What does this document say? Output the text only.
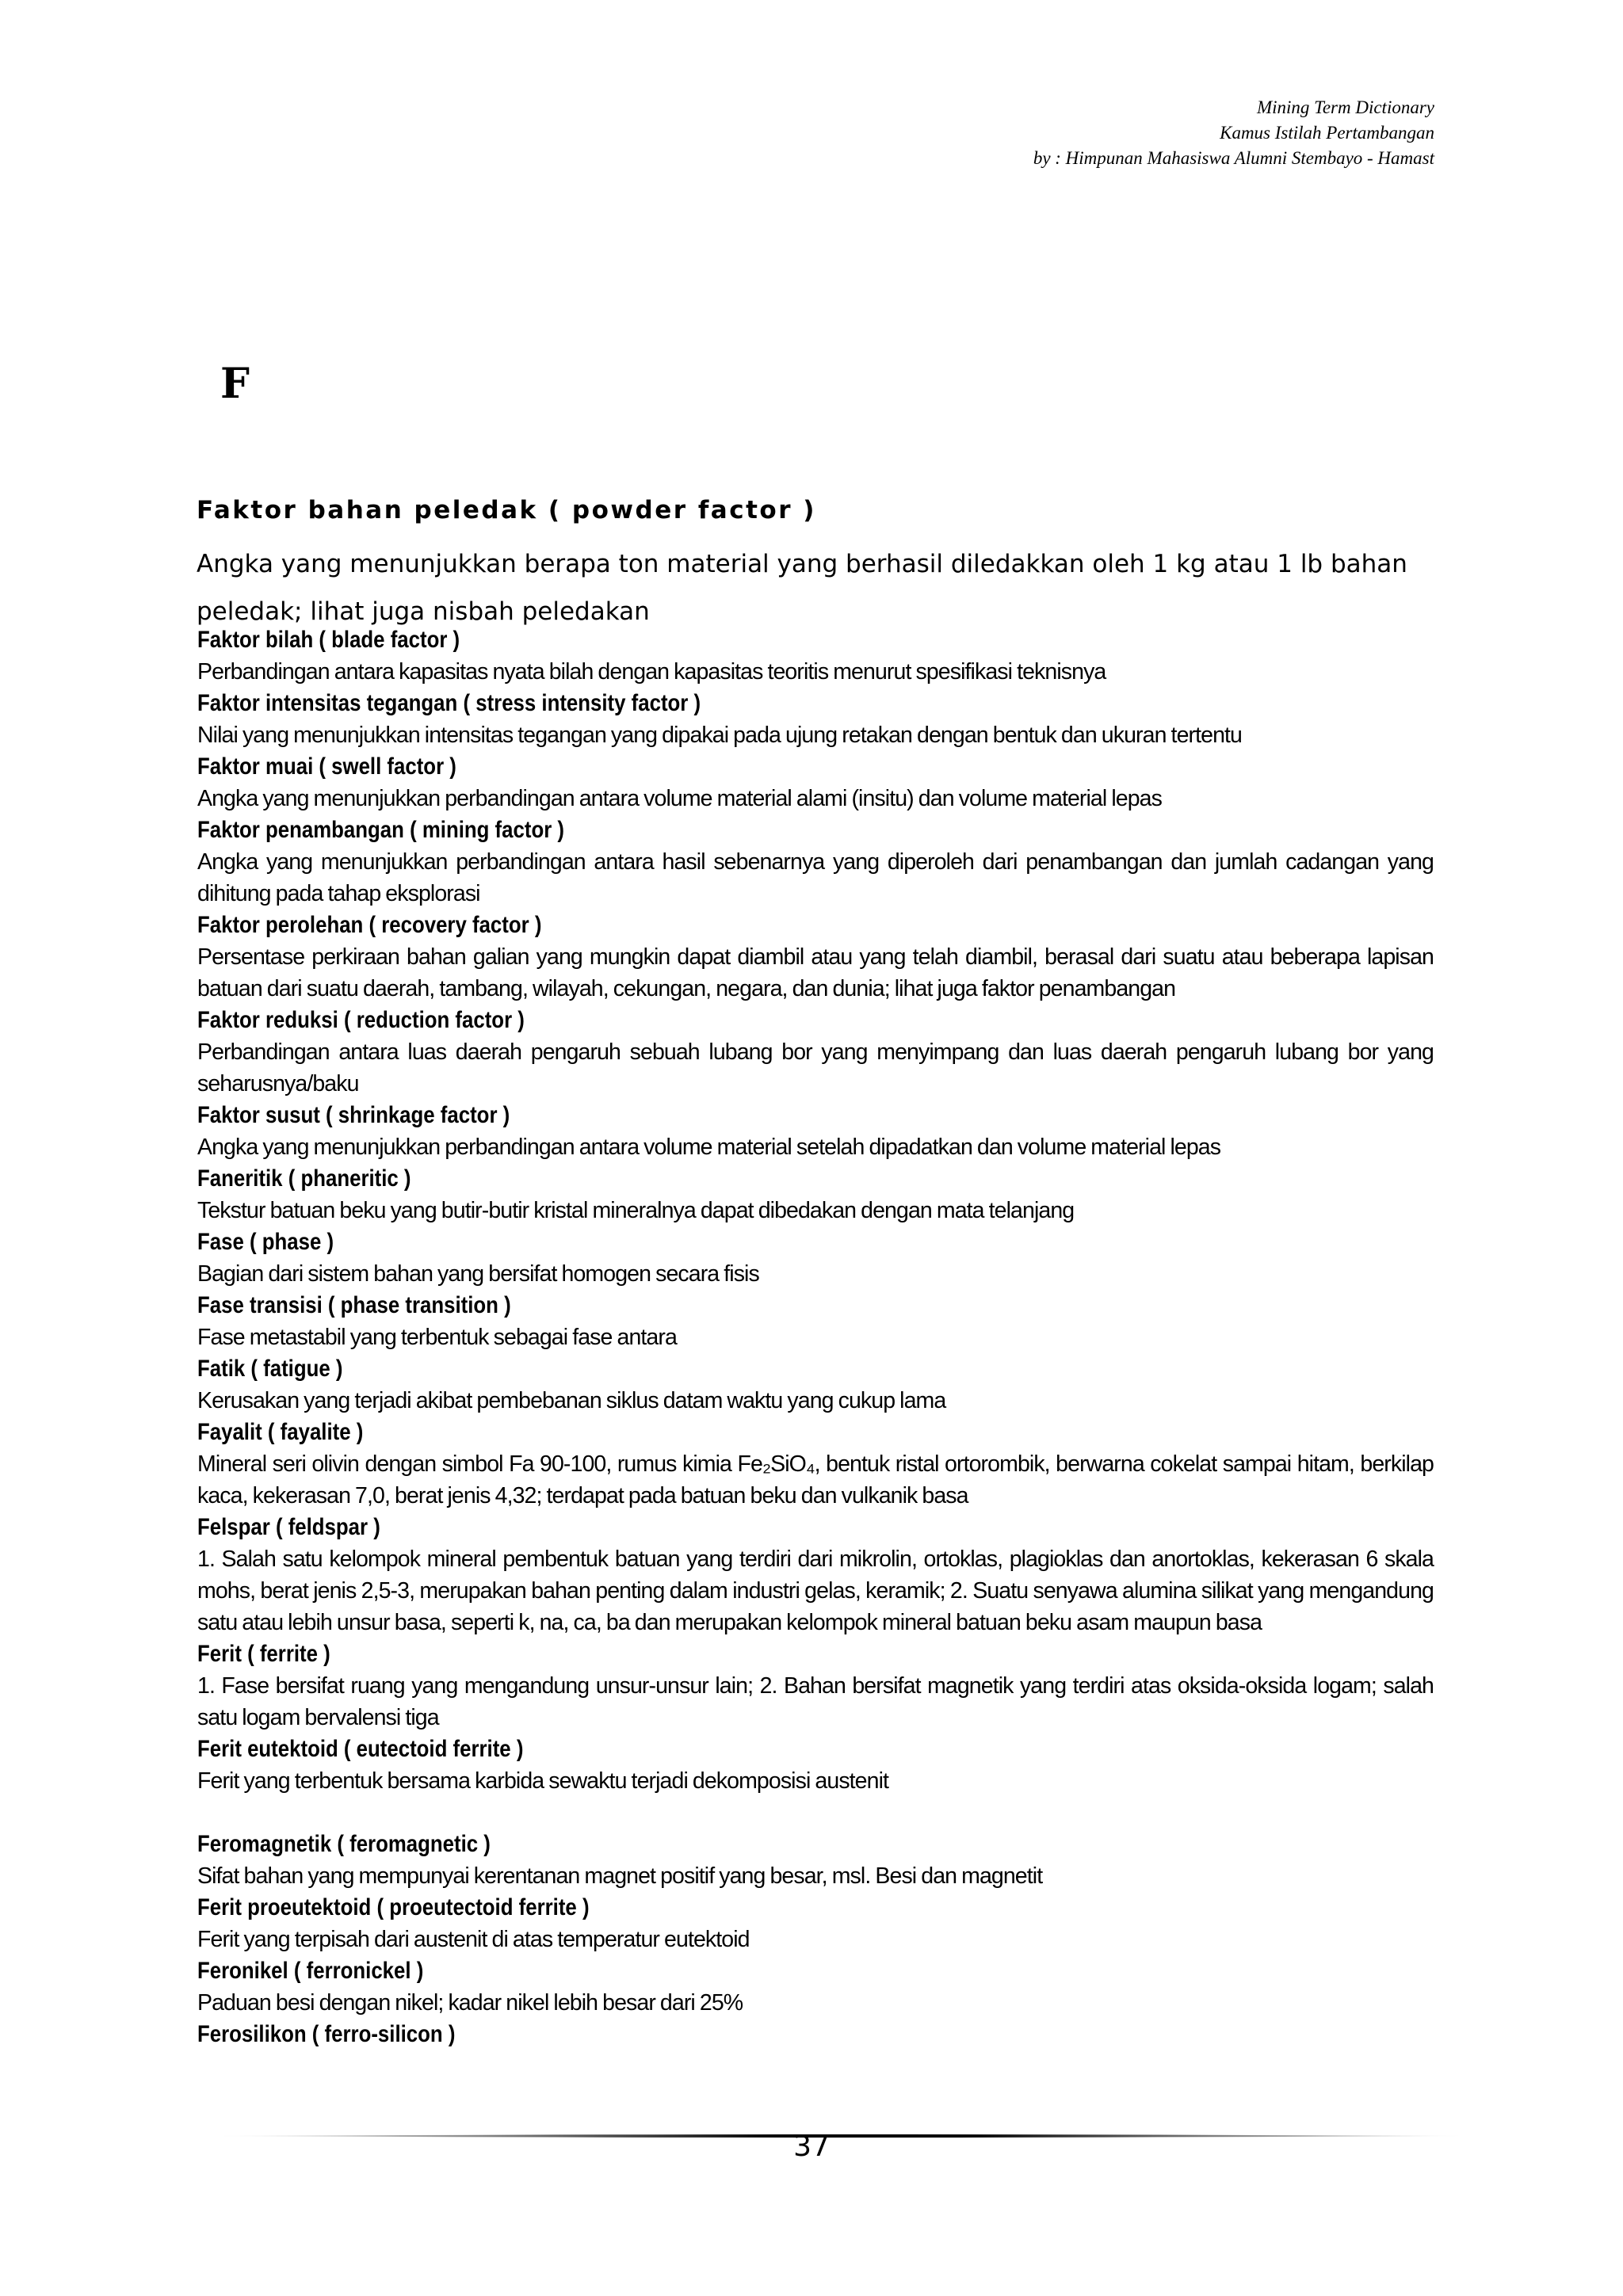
Mining Term Dictionary
Kamus Istilah Pertambangan
by : Himpunan Mahasiswa Alumni Stembayo - Hamast
F
Faktor bahan peledak ( powder factor )
Angka yang menunjukkan berapa ton material yang berhasil diledakkan oleh 1 kg atau 1 lb bahan peledak; lihat juga nisbah peledakan
Faktor bilah ( blade factor )
Perbandingan antara kapasitas nyata bilah dengan kapasitas teoritis menurut spesifikasi teknisnya
Faktor intensitas tegangan ( stress intensity factor )
Nilai yang menunjukkan intensitas tegangan yang dipakai pada ujung retakan dengan bentuk dan ukuran tertentu
Faktor muai ( swell factor )
Angka yang menunjukkan perbandingan antara volume material alami (insitu) dan volume material lepas
Faktor penambangan ( mining factor )
Angka yang menunjukkan perbandingan antara hasil sebenarnya yang diperoleh dari penambangan dan jumlah cadangan yang dihitung pada tahap eksplorasi
Faktor perolehan ( recovery factor )
Persentase perkiraan bahan galian yang mungkin dapat diambil atau yang telah diambil, berasal dari suatu atau beberapa lapisan batuan dari suatu daerah, tambang, wilayah, cekungan, negara, dan dunia; lihat juga faktor penambangan
Faktor reduksi ( reduction factor )
Perbandingan antara luas daerah pengaruh sebuah lubang bor yang menyimpang dan luas daerah pengaruh lubang bor yang seharusnya/baku
Faktor susut ( shrinkage factor )
Angka yang menunjukkan perbandingan antara volume material setelah dipadatkan dan volume material lepas
Faneritik ( phaneritic )
Tekstur batuan beku yang butir-butir kristal mineralnya dapat dibedakan dengan mata telanjang
Fase ( phase )
Bagian dari sistem bahan yang bersifat homogen secara fisis
Fase transisi ( phase transition )
Fase metastabil yang terbentuk sebagai fase antara
Fatik ( fatigue )
Kerusakan yang terjadi akibat pembebanan siklus datam waktu yang cukup lama
Fayalit ( fayalite )
Mineral seri olivin dengan simbol Fa 90-100, rumus kimia Fe₂SiO₄, bentuk ristal ortorombik, berwarna cokelat sampai hitam, berkilap kaca, kekerasan 7,0, berat jenis 4,32; terdapat pada batuan beku dan vulkanik basa
Felspar ( feldspar )
1. Salah satu kelompok mineral pembentuk batuan yang terdiri dari mikrolin, ortoklas, plagioklas dan anortoklas, kekerasan 6 skala mohs, berat jenis 2,5-3, merupakan bahan penting dalam industri gelas, keramik; 2. Suatu senyawa alumina silikat yang mengandung satu atau lebih unsur basa, seperti k, na, ca, ba dan merupakan kelompok mineral batuan beku asam maupun basa
Ferit ( ferrite )
1. Fase bersifat ruang yang mengandung unsur-unsur lain; 2. Bahan bersifat magnetik yang terdiri atas oksida-oksida logam; salah satu logam bervalensi tiga
Ferit eutektoid ( eutectoid ferrite )
Ferit yang terbentuk bersama karbida sewaktu terjadi dekomposisi austenit
Feromagnetik ( feromagnetic )
Sifat bahan yang mempunyai kerentanan magnet positif yang besar, msl. Besi dan magnetit
Ferit proeutektoid ( proeutectoid ferrite )
Ferit yang terpisah dari austenit di atas temperatur eutektoid
Feronikel ( ferronickel )
Paduan besi dengan nikel; kadar nikel lebih besar dari 25%
Ferosilikon ( ferro-silicon )
37
